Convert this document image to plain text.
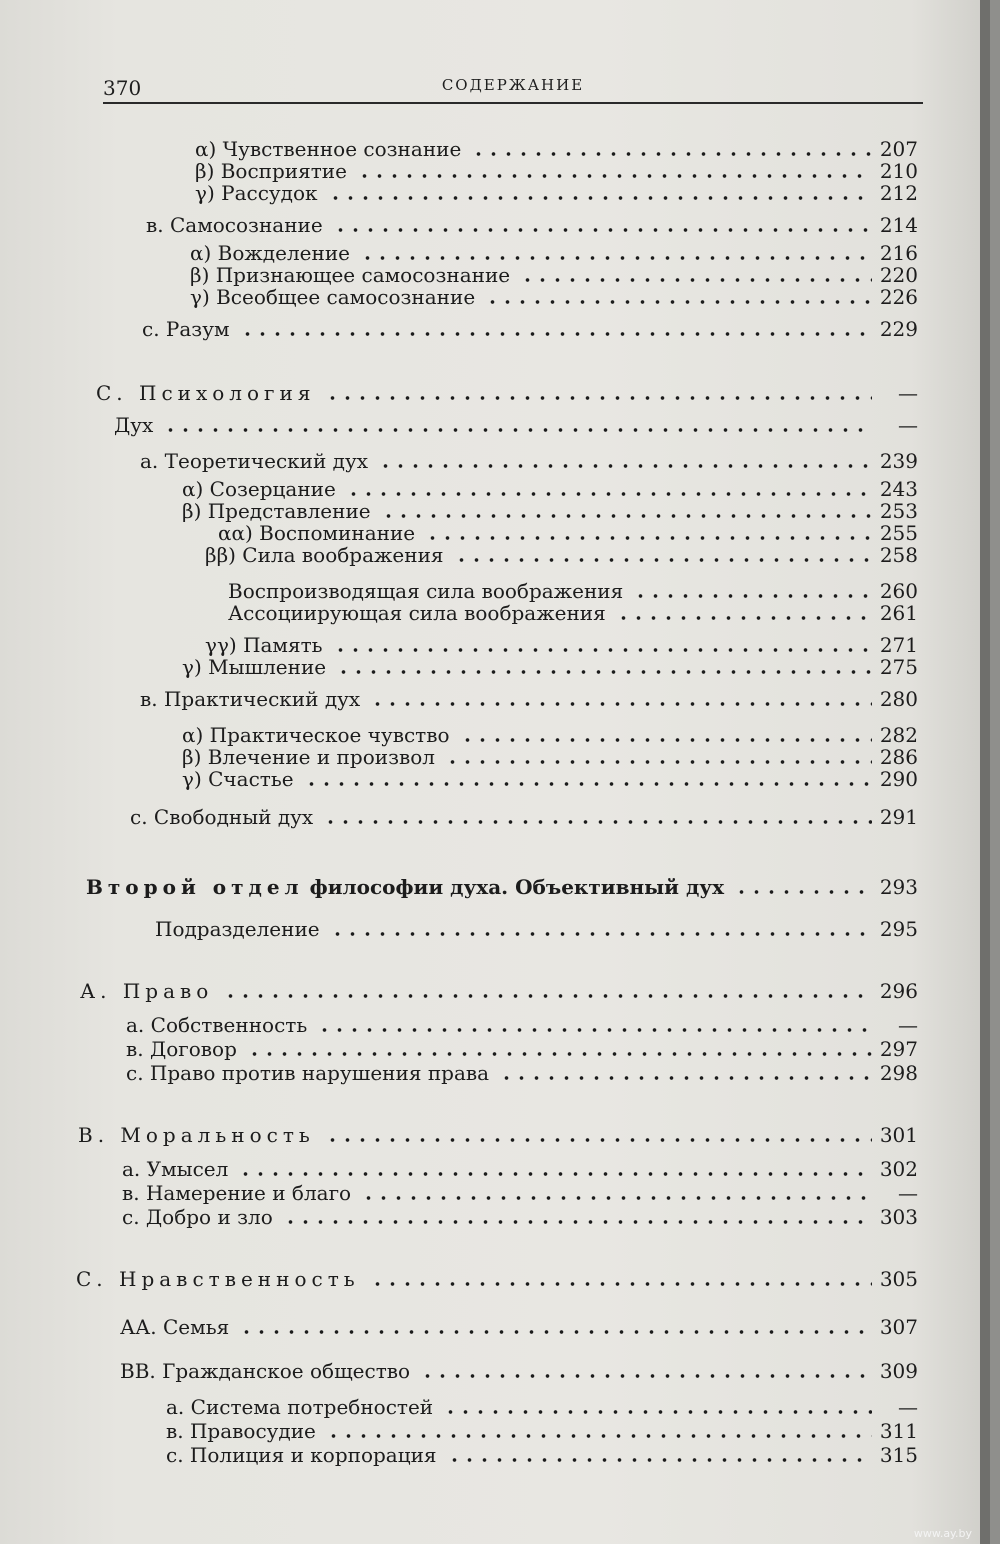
370	СОДЕРЖАНИЕ
α) Чувственное сознание	207
β) Восприятие	210
γ) Рассудок	212
в. Самосознание	214
α) Вожделение	216
β) Признающее самосознание	220
γ) Всеобщее самосознание	226
с. Разум	229
С. Психология	—
Дух	—
а. Теоретический дух	239
α) Созерцание	243
β) Представление	253
αα) Воспоминание	255
ββ) Сила воображения	258
Воспроизводящая сила воображения	260
Ассоциирующая сила воображения	261
γγ) Память	271
γ) Мышление	275
в. Практический дух	280
α) Практическое чувство	282
β) Влечение и произвол	286
γ) Счастье	290
с. Свободный дух	291
Второй отдел философии духа. Объективный дух	293
Подразделение	295
А. Право	296
а. Собственность	—
в. Договор	297
с. Право против нарушения права	298
В. Моральность	301
а. Умысел	302
в. Намерение и благо	—
с. Добро и зло	303
С. Нравственность	305
АА. Семья	307
ВВ. Гражданское общество	309
а. Система потребностей	—
в. Правосудие	311
с. Полиция и корпорация	315
www.ay.by
